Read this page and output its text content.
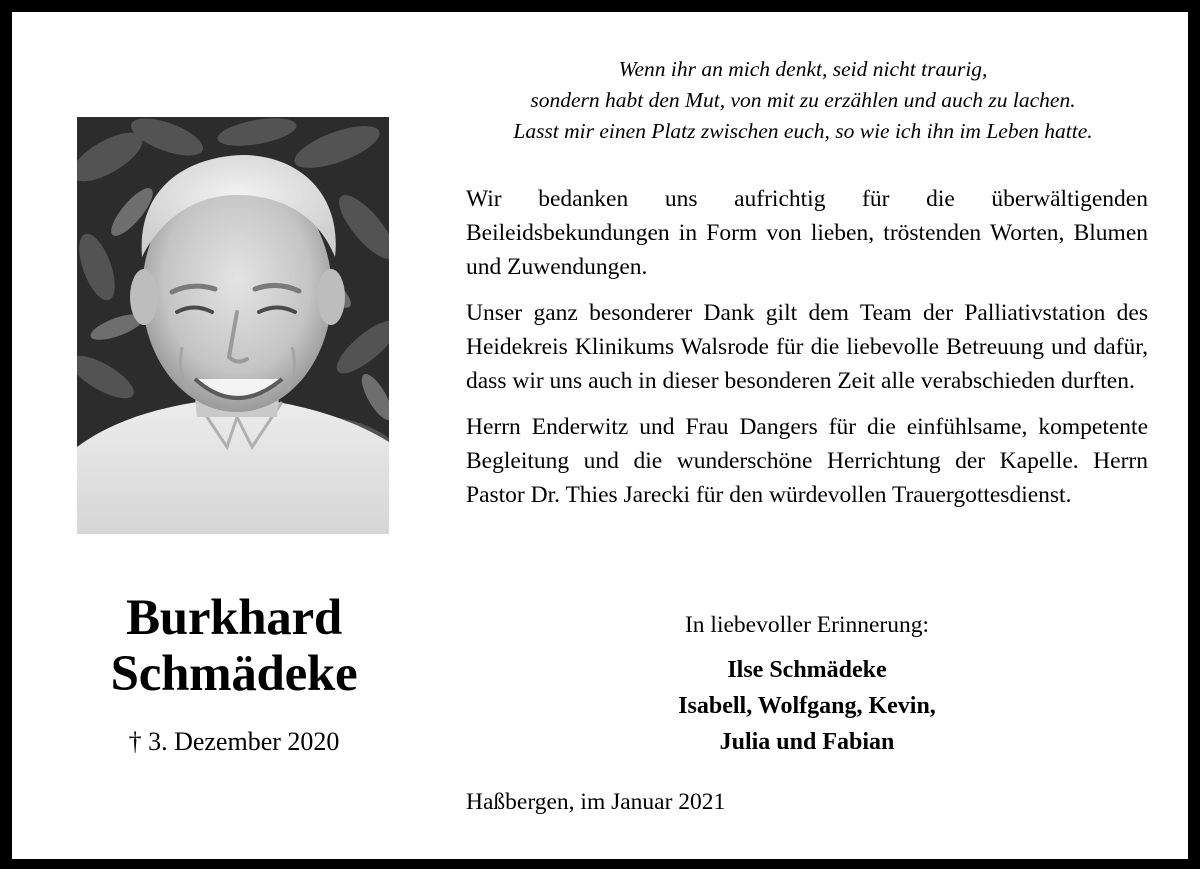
Burkhard
Schmädeke
† 3. Dezember 2020
Wenn ihr an mich denkt, seid nicht traurig,
sondern habt den Mut, von mit zu erzählen und auch zu lachen.
Lasst mir einen Platz zwischen euch, so wie ich ihn im Leben hatte.

Wir bedanken uns aufrichtig für die überwältigenden Beileidsbekundungen in Form von lieben, tröstenden Worten, Blumen und Zuwendungen.

Unser ganz besonderer Dank gilt dem Team der Palliativstation des Heidekreis Klinikums Walsrode für die liebevolle Betreuung und dafür, dass wir uns auch in dieser besonderen Zeit alle verabschieden durften.

Herrn Enderwitz und Frau Dangers für die einfühlsame, kompetente Begleitung und die wunderschöne Herrichtung der Kapelle. Herrn Pastor Dr. Thies Jarecki für den würdevollen Trauergottesdienst.

In liebevoller Erinnerung:
Ilse Schmädeke
Isabell, Wolfgang, Kevin,
Julia und Fabian
Haßbergen, im Januar 2021
